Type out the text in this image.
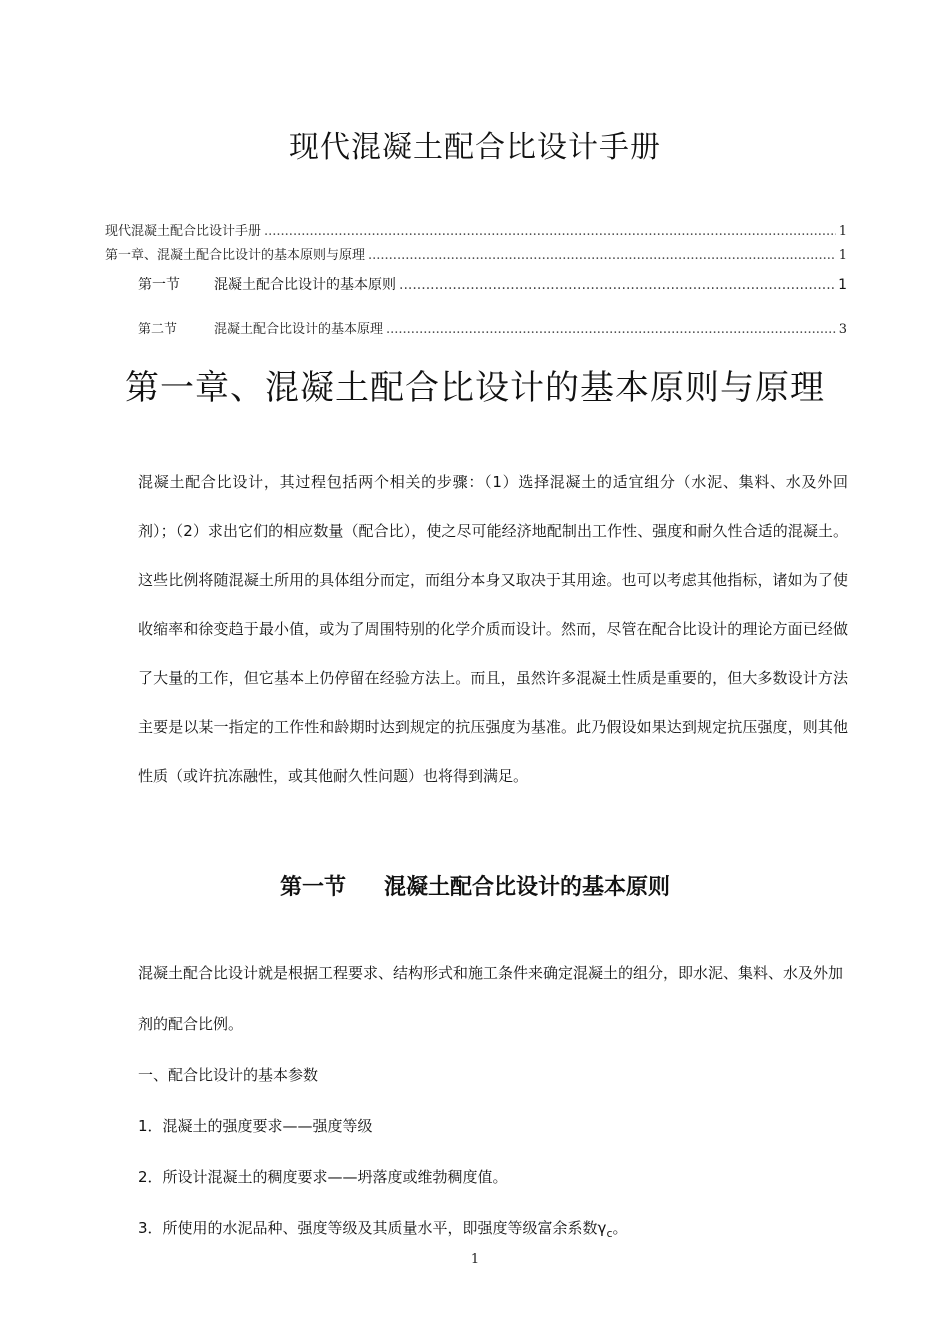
现代混凝土配合比设计手册
现代混凝土配合比设计手册 .....	1
第一章、混凝土配合比设计的基本原则与原理 .....	1
第一节	混凝土配合比设计的基本原则 .....	1
第二节	混凝土配合比设计的基本原理 .....	3
第一章、混凝土配合比设计的基本原则与原理
混凝土配合比设计，其过程包括两个相关的步骤：（1）选择混凝土的适宜组分（水泥、集料、水及外回剂）；（2）求出它们的相应数量（配合比），使之尽可能经济地配制出工作性、强度和耐久性合适的混凝土。这些比例将随混凝土所用的具体组分而定，而组分本身又取决于其用途。也可以考虑其他指标，诸如为了使收缩率和徐变趋于最小值，或为了周围特别的化学介质而设计。然而，尽管在配合比设计的理论方面已经做了大量的工作，但它基本上仍停留在经验方法上。而且，虽然许多混凝土性质是重要的，但大多数设计方法主要是以某一指定的工作性和龄期时达到规定的抗压强度为基准。此乃假设如果达到规定抗压强度，则其他性质（或许抗冻融性，或其他耐久性问题）也将得到满足。
第一节 混凝土配合比设计的基本原则

混凝土配合比设计就是根据工程要求、结构形式和施工条件来确定混凝土的组分，即水泥、集料、水及外加剂的配合比例。

一、配合比设计的基本参数

1．混凝土的强度要求——强度等级

2．所设计混凝土的稠度要求——坍落度或维勃稠度值。

3．所使用的水泥品种、强度等级及其质量水平，即强度等级富余系数$\gamma_c$。

1
